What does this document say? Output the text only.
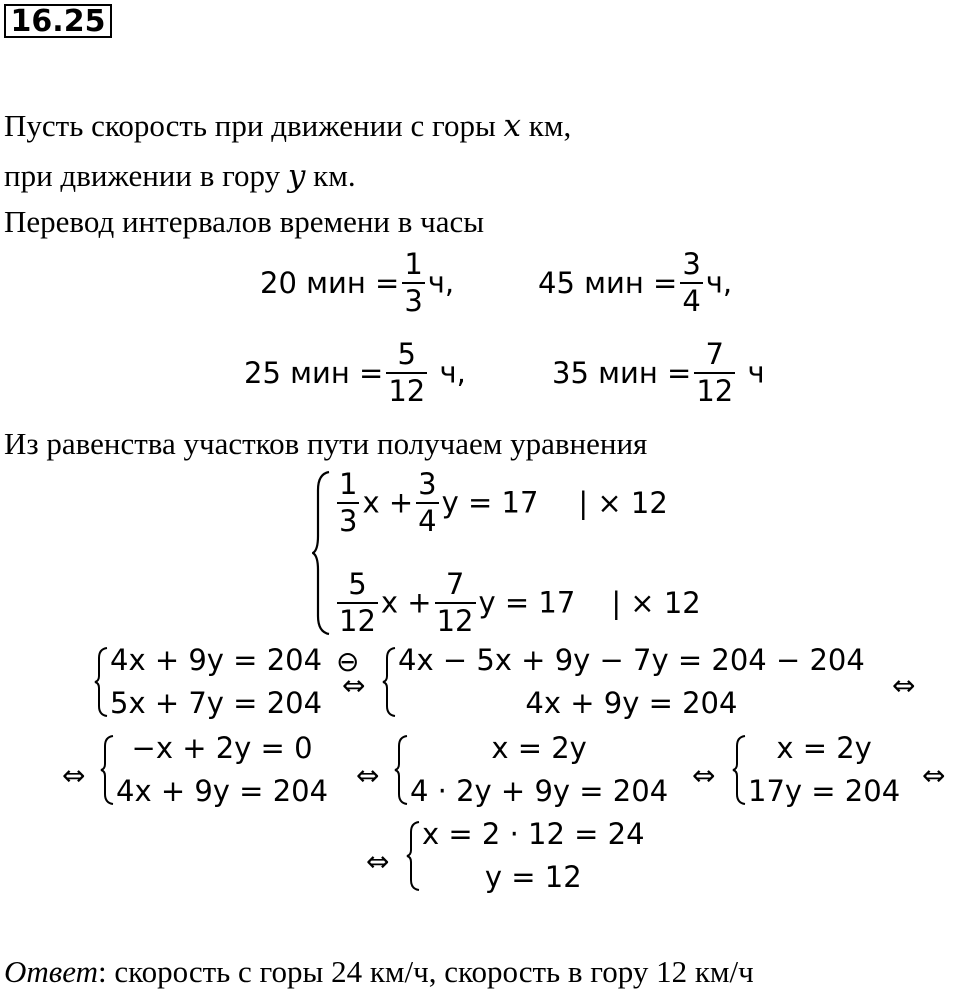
16.25
Пусть скорость при движении с горы x км,
при движении в гору y км.
Перевод интервалов времени в часы
20 мин = $\frac{1}{3} ч$,	45 мин = $\frac{3}{4} ч$,
25 мин = $\frac{5}{12} ч$,	35 мин = $\frac{7}{12}$ ч
Из равенства участков пути получаем уравнения
$\frac{1}{3}$ $x + \frac{3}{4}$ y = 17 | × 12
$\frac{5}{12}$ $x + \frac{7}{12}$ y = 17 | × 12
4x + 9y = 204
5x + 7y = 204
⊖
⇔
4x − 5x + 9y − 7y = 204 − 204
4x + 9y = 204
⇔
⇔
−x + 2y = 0
4x + 9y = 204 ⇔
x = 2y
4 · 2y + 9y = 204 ⇔
x = 2y
17y = 204 ⇔
⇔
x = 2 · 12 = 24
y = 12
Ответ: скорость с горы 24 км/ч, скорость в гору 12 км/ч
